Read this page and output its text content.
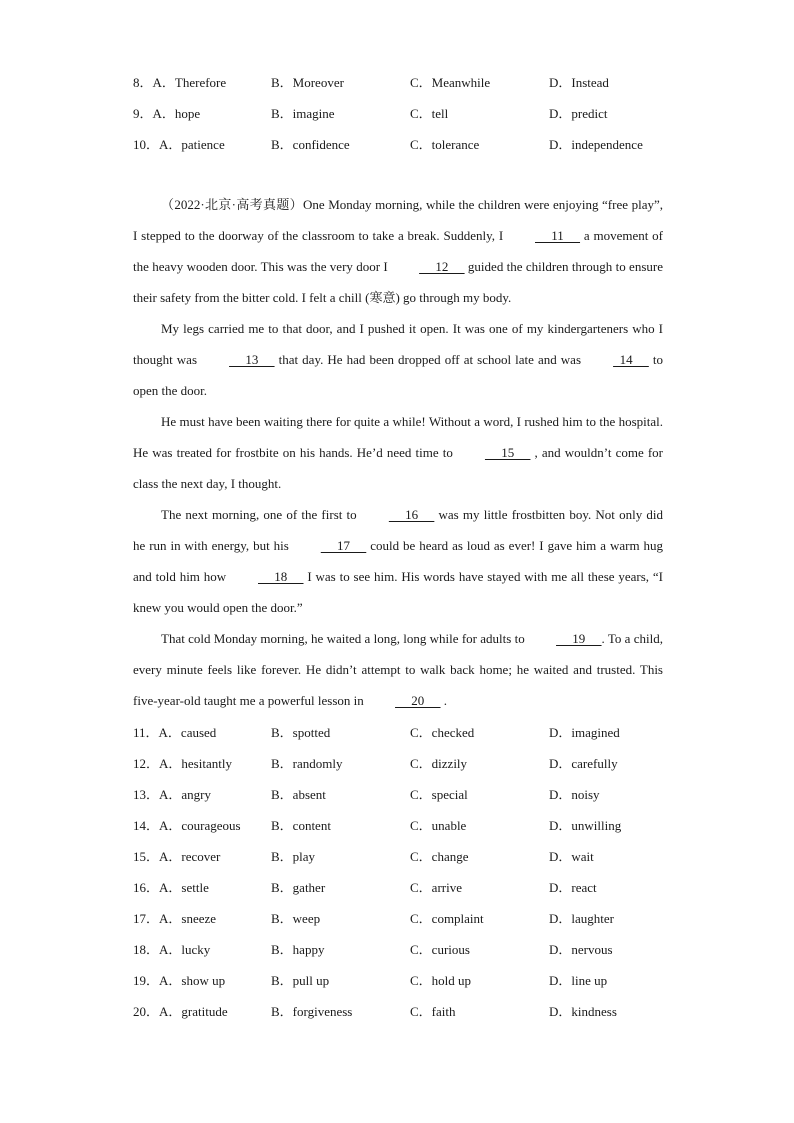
8．A．Therefore	B．Moreover	C．Meanwhile	D．Instead
9．A．hope	B．imagine	C．tell	D．predict
10．A．patience	B．confidence	C．tolerance	D．independence

（2022·北京·高考真题）One Monday morning, while the children were enjoying “free play”, I stepped to the doorway of the classroom to take a break. Suddenly, I      11      a movement of the heavy wooden door. This was the very door I      12      guided the children through to ensure their safety from the bitter cold. I felt a chill (寒意) go through my body.

My legs carried me to that door, and I pushed it open. It was one of my kindergarteners who I thought was      13      that day. He had been dropped off at school late and was   14      to open the door.

He must have been waiting there for quite a while! Without a word, I rushed him to the hospital. He was treated for frostbite on his hands. He’d need time to      15      , and wouldn’t come for class the next day, I thought.

The next morning, one of the first to      16      was my little frostbitten boy. Not only did he run in with energy, but his      17      could be heard as loud as ever! I gave him a warm hug and told him how      18      I was to see him. His words have stayed with me all these years, “I knew you would open the door.”

That cold Monday morning, he waited a long, long while for adults to      19     . To a child, every minute feels like forever. He didn’t attempt to walk back home; he waited and trusted. This five-year-old taught me a powerful lesson in      20      .

11．A．caused	B．spotted	C．checked	D．imagined
12．A．hesitantly	B．randomly	C．dizzily	D．carefully
13．A．angry	B．absent	C．special	D．noisy
14．A．courageous	B．content	C．unable	D．unwilling
15．A．recover	B．play	C．change	D．wait
16．A．settle	B．gather	C．arrive	D．react
17．A．sneeze	B．weep	C．complaint	D．laughter
18．A．lucky	B．happy	C．curious	D．nervous
19．A．show up	B．pull up	C．hold up	D．line up
20．A．gratitude	B．forgiveness	C．faith	D．kindness
